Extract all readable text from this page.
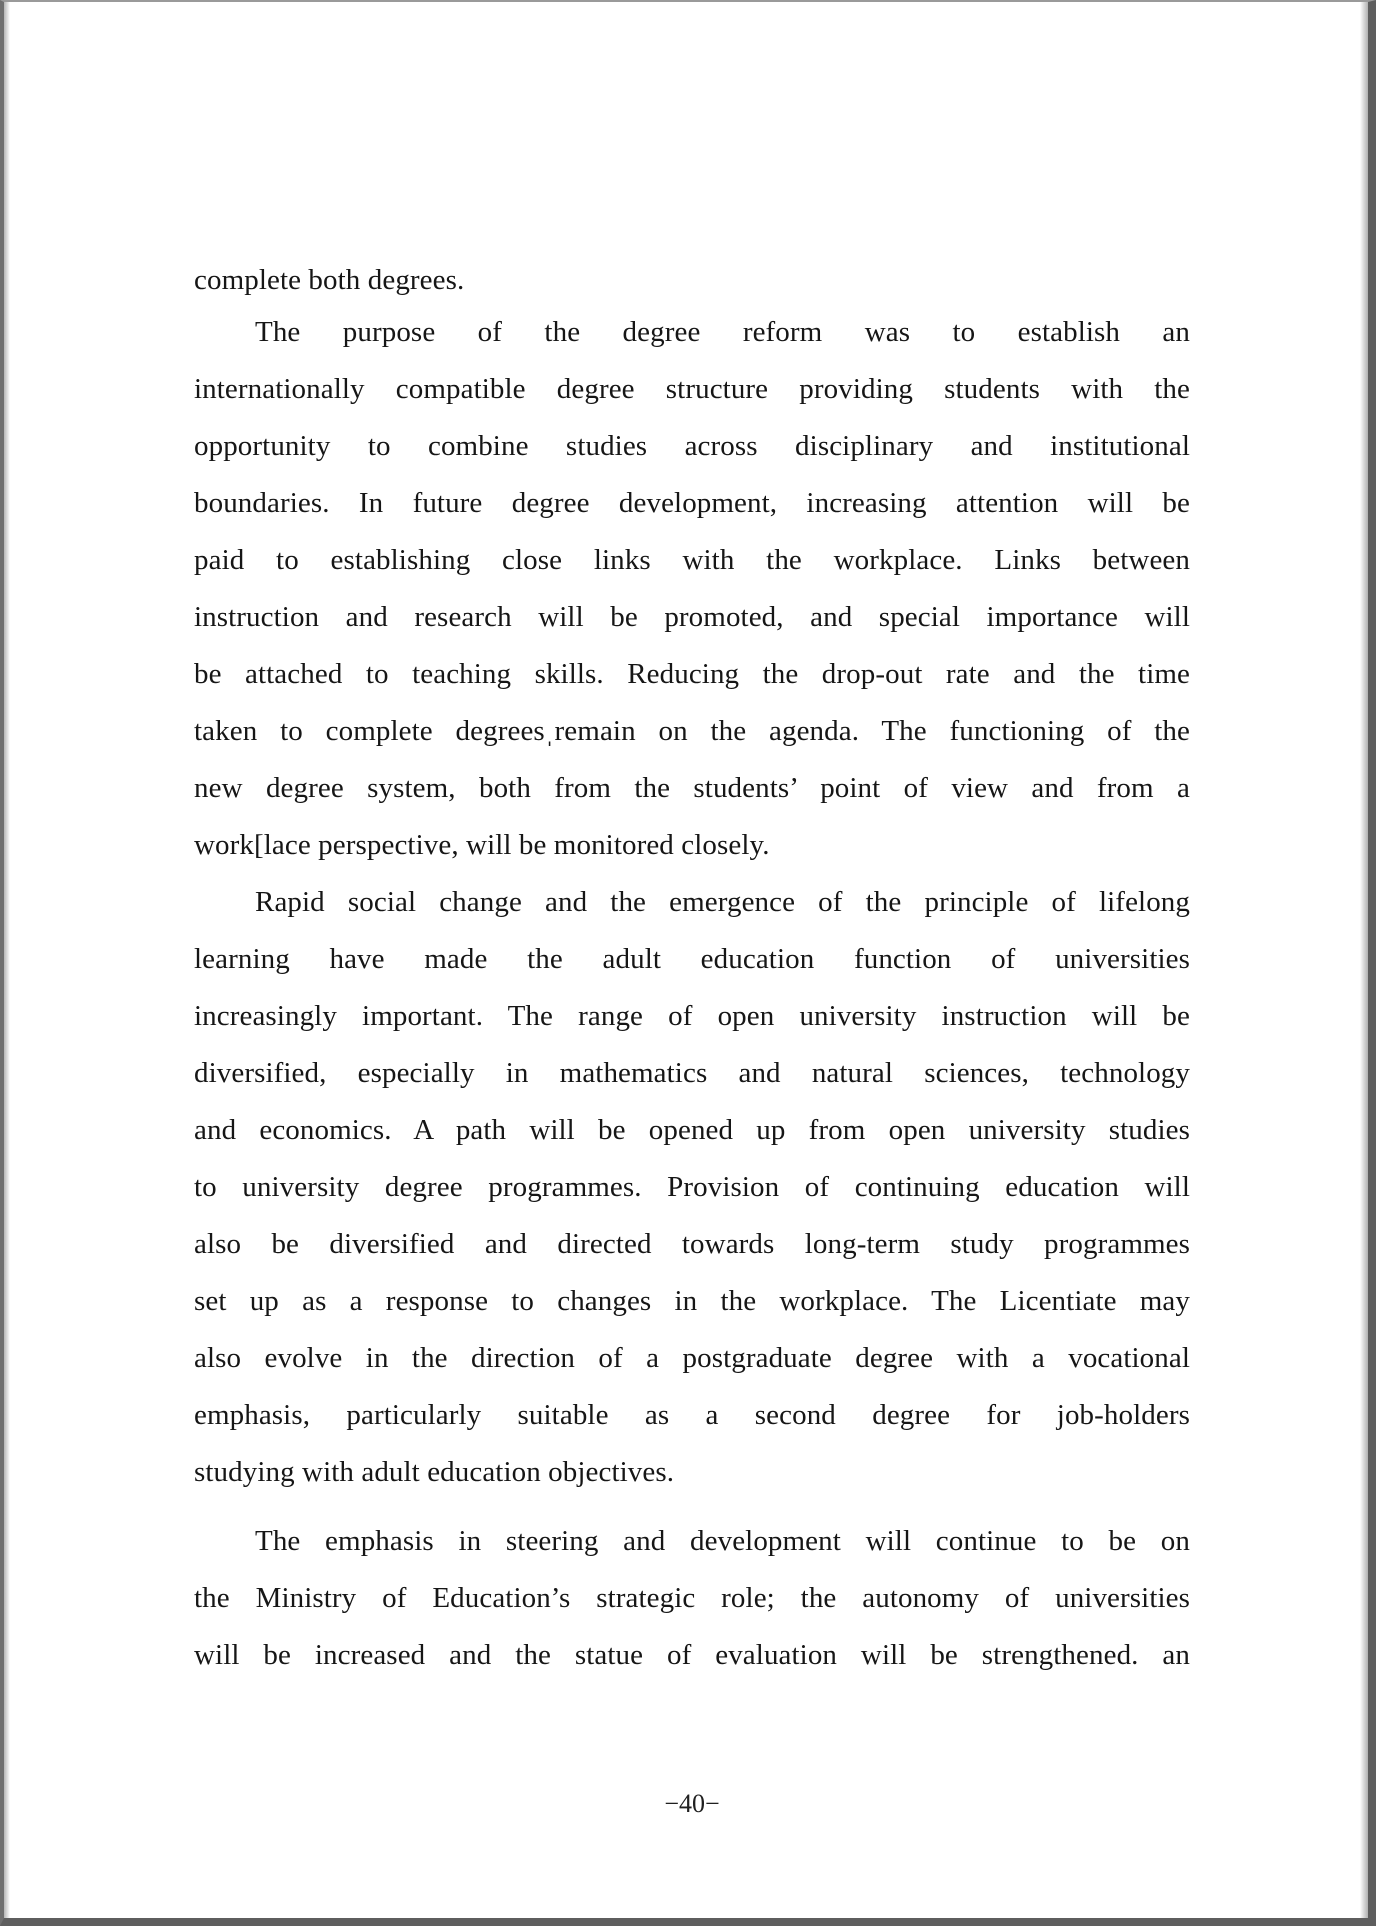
complete both degrees.

The purpose of the degree reform was to establish an

internationally compatible degree structure providing students with the

opportunity to combine studies across disciplinary and institutional

boundaries. In future degree development, increasing attention will be

paid to establishing close links with the workplace. Links between

instruction and research will be promoted, and special importance will

be attached to teaching skills. Reducing the drop-out rate and the time

taken to complete degreesˌremain on the agenda. The functioning of the

new degree system, both from the students’ point of view and from a

work[lace perspective, will be monitored closely.

Rapid social change and the emergence of the principle of lifelong

learning have made the adult education function of universities

increasingly important. The range of open university instruction will be

diversified, especially in mathematics and natural sciences, technology

and economics. A path will be opened up from open university studies

to university degree programmes. Provision of continuing education will

also be diversified and directed towards long-term study programmes

set up as a response to changes in the workplace. The Licentiate may

also evolve in the direction of a postgraduate degree with a vocational

emphasis, particularly suitable as a second degree for job-holders

studying with adult education objectives.

The emphasis in steering and development will continue to be on

the Ministry of Education’s strategic role; the autonomy of universities

will be increased and the statue of evaluation will be strengthened. an

−40−
